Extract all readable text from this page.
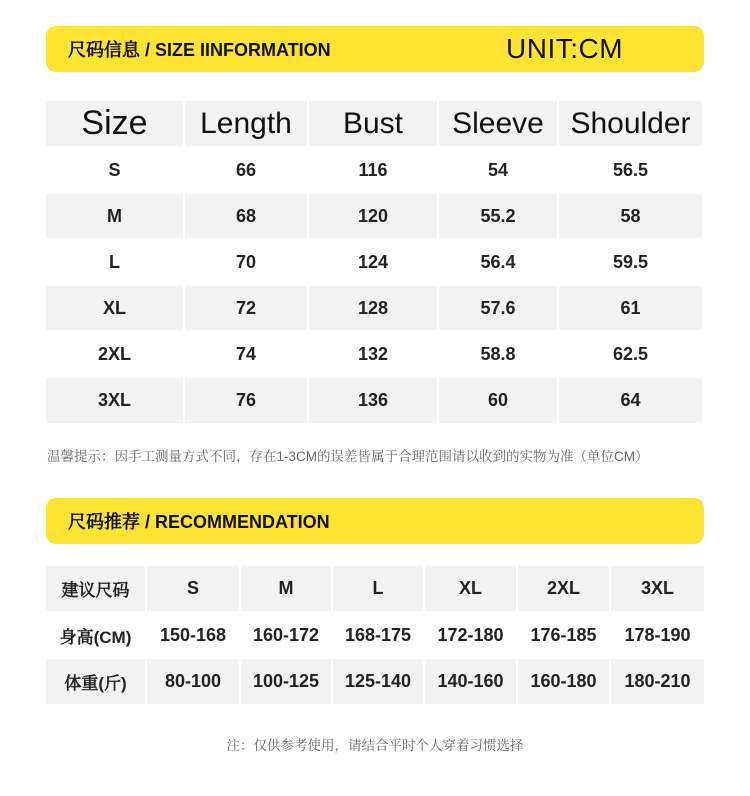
尺码信息 / SIZE IINFORMATION	UNIT:CM
Size	Length	Bust	Sleeve	Shoulder
S	66	116	54	56.5
M	68	120	55.2	58
L	70	124	56.4	59.5
XL	72	128	57.6	61
2XL	74	132	58.8	62.5
3XL	76	136	60	64
温馨提示：因手工测量方式不同，存在1-3CM的误差皆属于合理范围请以收到的实物为准（单位CM）
尺码推荐 / RECOMMENDATION
建议尺码	S	M	L	XL	2XL	3XL
身高(CM)	150-168	160-172	168-175	172-180	176-185	178-190
体重(斤)	80-100	100-125	125-140	140-160	160-180	180-210
注：仅供参考使用，请结合平时个人穿着习惯选择
